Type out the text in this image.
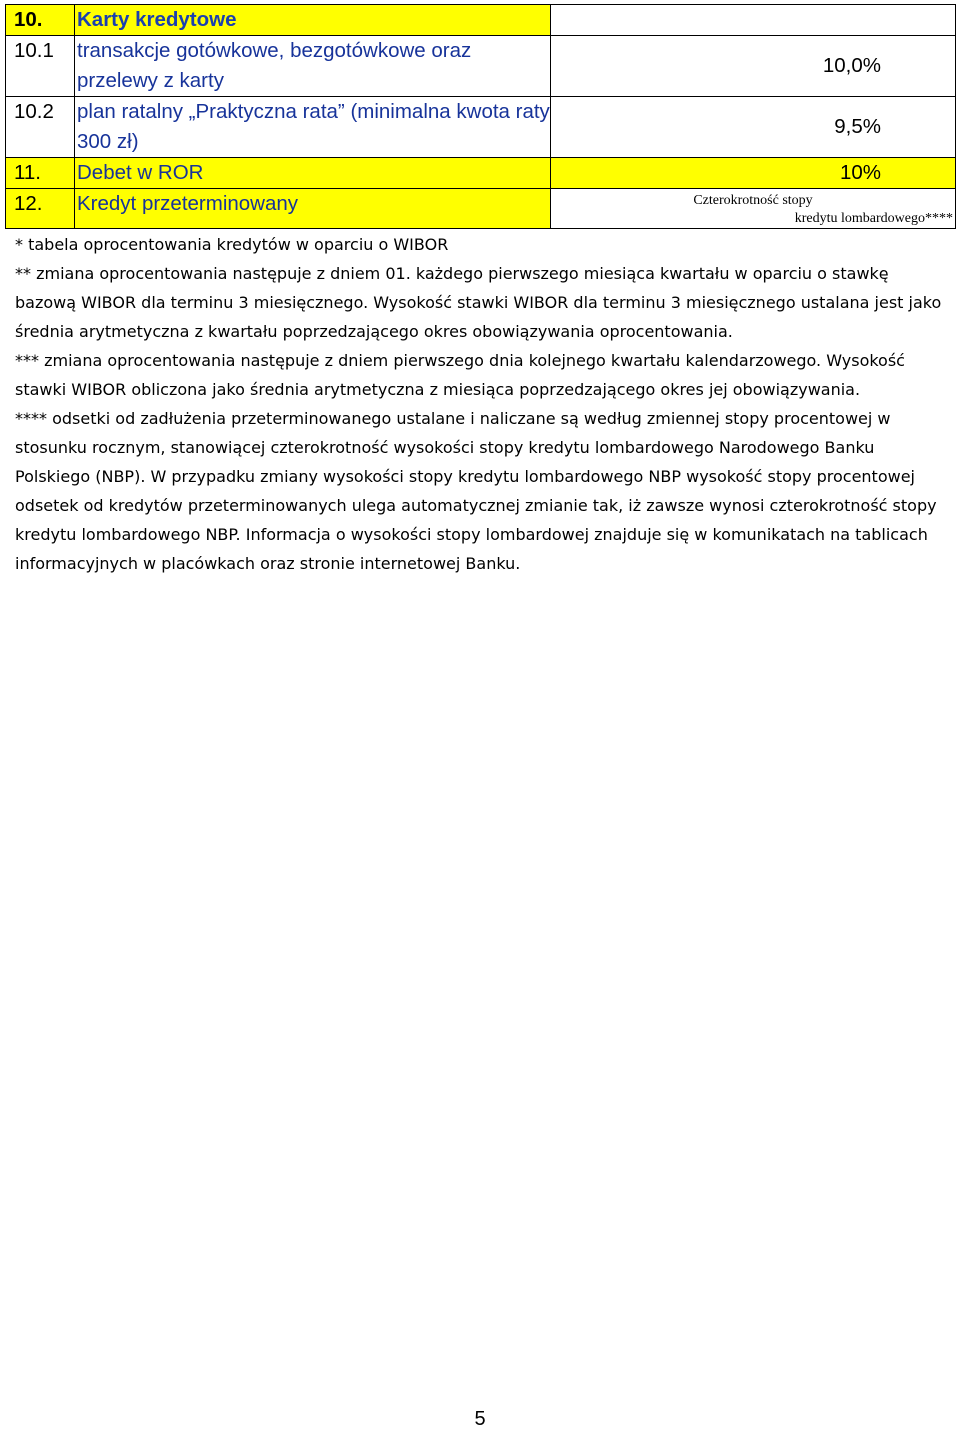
10.	Karty kredytowe	
10.1	transakcje gotówkowe, bezgotówkowe oraz przelewy z karty	10,0%
10.2	plan ratalny „Praktyczna rata” (minimalna kwota raty 300 zł)	9,5%
11.	Debet w ROR	10%
12.	Kredyt przeterminowany	Czterokrotność stopy
kredytu lombardowego****

* tabela oprocentowania kredytów w oparciu o WIBOR

** zmiana oprocentowania następuje z dniem 01. każdego pierwszego miesiąca kwartału w oparciu o stawkę bazową WIBOR dla terminu 3 miesięcznego. Wysokość stawki WIBOR dla terminu 3 miesięcznego ustalana jest jako średnia arytmetyczna z kwartału poprzedzającego okres obowiązywania oprocentowania.

*** zmiana oprocentowania następuje z dniem pierwszego dnia kolejnego kwartału kalendarzowego. Wysokość stawki WIBOR obliczona jako średnia arytmetyczna z miesiąca poprzedzającego okres jej obowiązywania.

**** odsetki od zadłużenia przeterminowanego ustalane i naliczane są według zmiennej stopy procentowej w stosunku rocznym, stanowiącej czterokrotność wysokości stopy kredytu lombardowego Narodowego Banku Polskiego (NBP). W przypadku zmiany wysokości stopy kredytu lombardowego NBP wysokość stopy procentowej odsetek od kredytów przeterminowanych ulega automatycznej zmianie tak, iż zawsze wynosi czterokrotność stopy kredytu lombardowego NBP. Informacja o wysokości stopy lombardowej znajduje się w komunikatach na tablicach informacyjnych w placówkach oraz stronie internetowej Banku.

5
